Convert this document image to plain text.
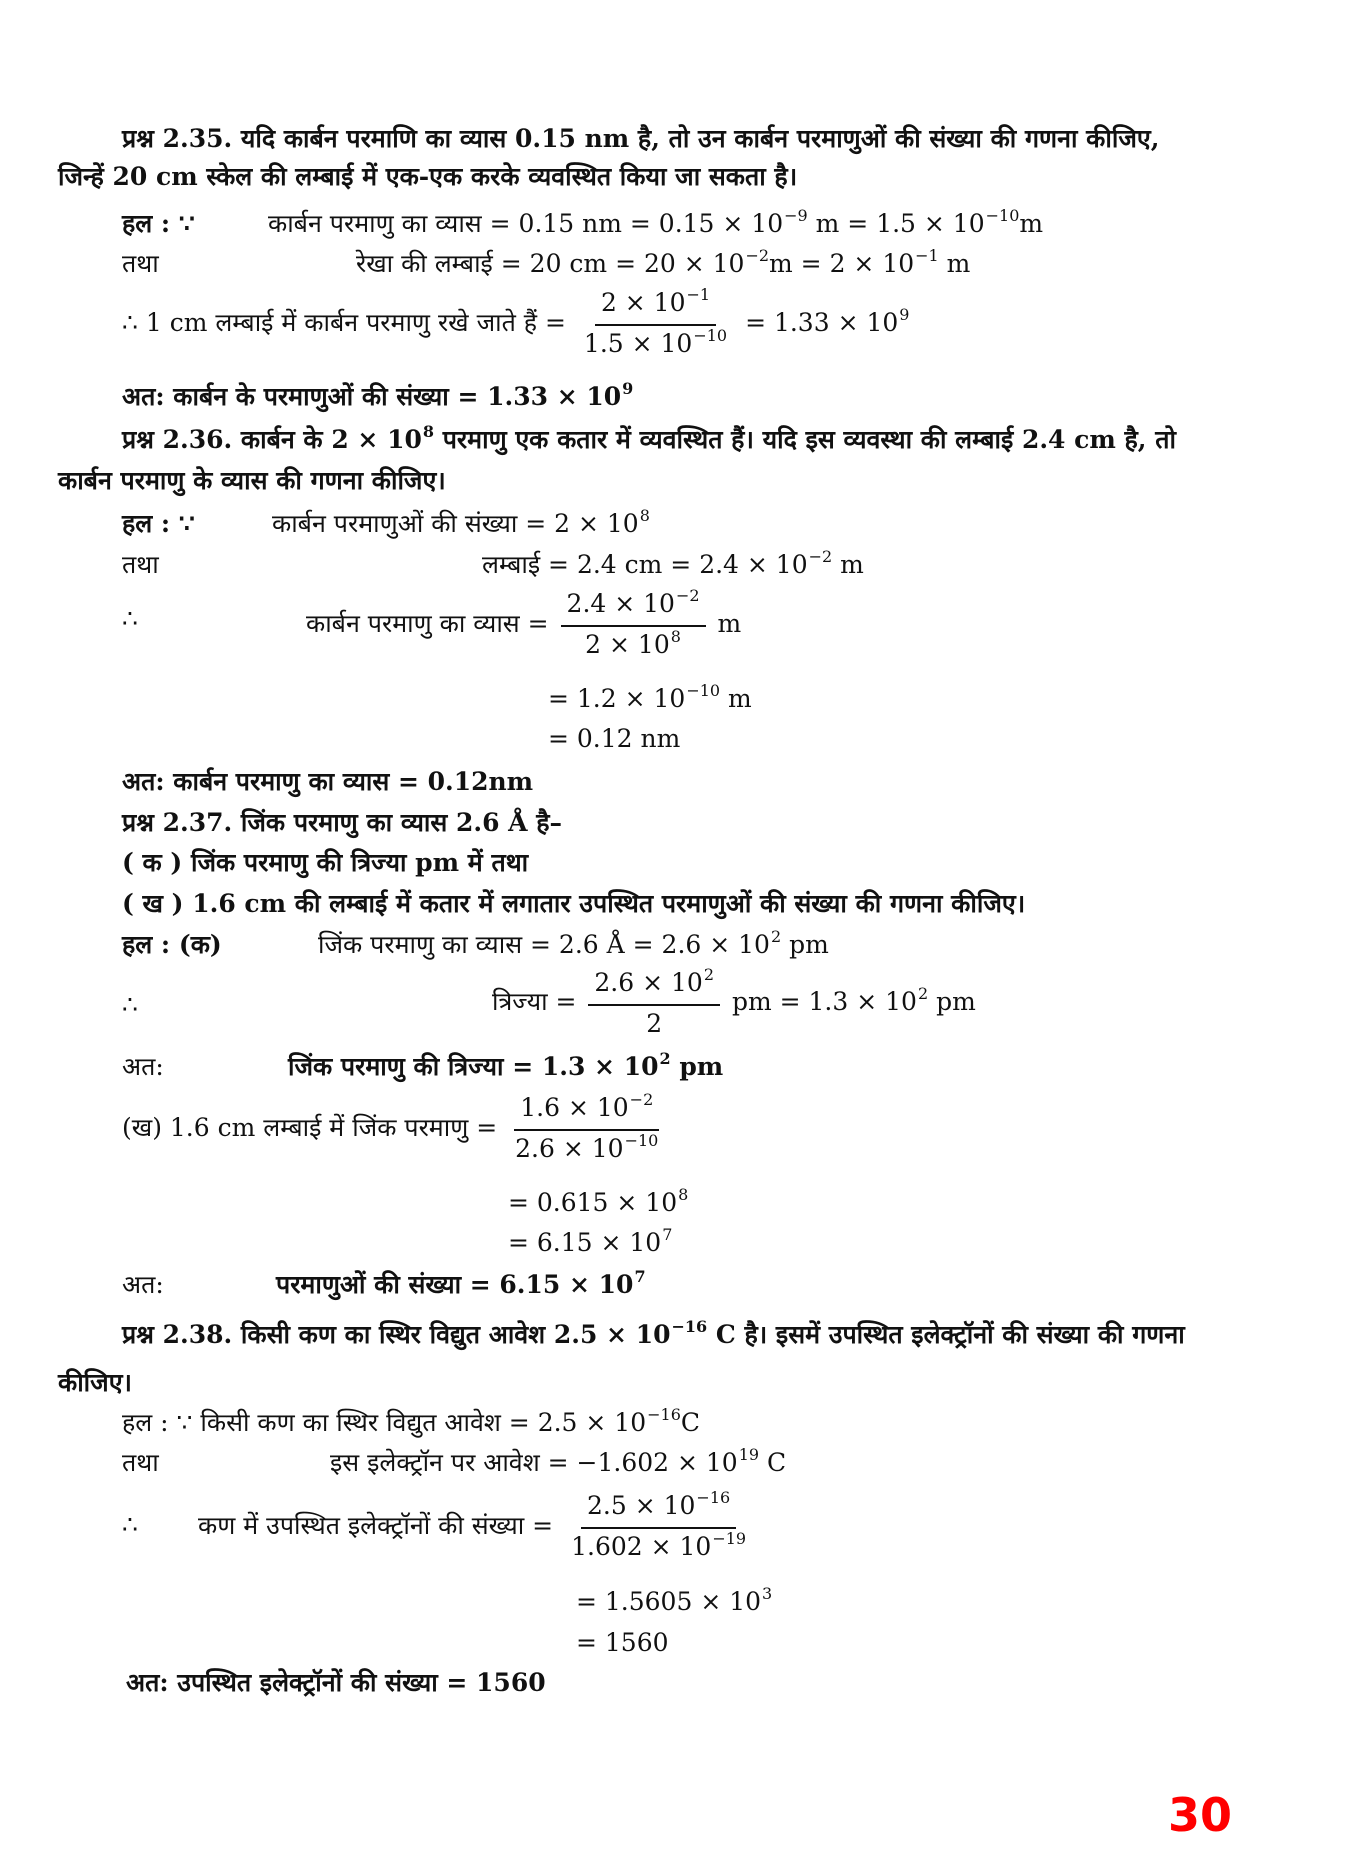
प्रश्न 2.35. यदि कार्बन परमाणि का व्यास 0.15 nm है, तो उन कार्बन परमाणुओं की संख्या की गणना कीजिए,
जिन्हें 20 cm स्केल की लम्बाई में एक-एक करके व्यवस्थित किया जा सकता है।
हल : ∵	कार्बन परमाणु का व्यास = 0.15 nm = $0.15 \times 10^{-9}$ $m = 1.5 \times 10^{-10}m$
तथा	रेखा की लम्बाई = 20 cm = $20 \times 10^{-2}m = 2 \times 10^{-1}$ m
∴ 1 cm लम्बाई में कार्बन परमाणु रखे जाते हैं = $\frac{2 \times 10^{-1}}{1.5 \times 10^{-10}} = 1.33 \times 10^9$
अत: कार्बन के परमाणुओं की संख्या = $1.33 \times 10^9$
प्रश्न 2.36. कार्बन के $2 \times 10^8$ परमाणु एक कतार में व्यवस्थित हैं। यदि इस व्यवस्था की लम्बाई 2.4 cm है, तो
कार्बन परमाणु के व्यास की गणना कीजिए।
हल : ∵	कार्बन परमाणुओं की संख्या = $2 \times 10^8$
तथा	लम्बाई = 2.4 cm = $2.4 \times 10^{-2}$ m
∴	कार्बन परमाणु का व्यास = $\frac{2.4 \times 10^{-2}}{2 \times 10^8}$ m
= $1.2 \times 10^{-10}$ m
= 0.12 nm
अत: कार्बन परमाणु का व्यास = 0.12nm
प्रश्न 2.37. जिंक परमाणु का व्यास 2.6 Å है–
( क ) जिंक परमाणु की त्रिज्या pm में तथा
( ख ) 1.6 cm की लम्बाई में कतार में लगातार उपस्थित परमाणुओं की संख्या की गणना कीजिए।
हल : (क)	जिंक परमाणु का व्यास = 2.6 Å = $2.6 \times 10^2$ pm
∴	त्रिज्या = $\frac{2.6 \times 10^2}{2}$ pm = $1.3 \times 10^2$ pm
अत:	जिंक परमाणु की त्रिज्या = $1.3 \times 10^2$ pm
(ख) 1.6 cm लम्बाई में जिंक परमाणु = $\frac{1.6 \times 10^{-2}}{2.6 \times 10^{-10}}$
= $0.615 \times 10^8$
= $6.15 \times 10^7$
अत:	परमाणुओं की संख्या = $6.15 \times 10^7$
प्रश्न 2.38. किसी कण का स्थिर विद्युत आवेश $2.5 \times 10^{-16}$ C है। इसमें उपस्थित इलेक्ट्रॉनों की संख्या की गणना
कीजिए।
हल : ∵ किसी कण का स्थिर विद्युत आवेश = $2.5 \times 10^{-16}C$
तथा	इस इलेक्ट्रॉन पर आवेश = $-1.602 \times 10^{19}$ C
∴ कण में उपस्थित इलेक्ट्रॉनों की संख्या = $\frac{2.5 \times 10^{-16}}{1.602 \times 10^{-19}}$
= $1.5605 \times 10^3$
= 1560
अत: उपस्थित इलेक्ट्रॉनों की संख्या = 1560
30
